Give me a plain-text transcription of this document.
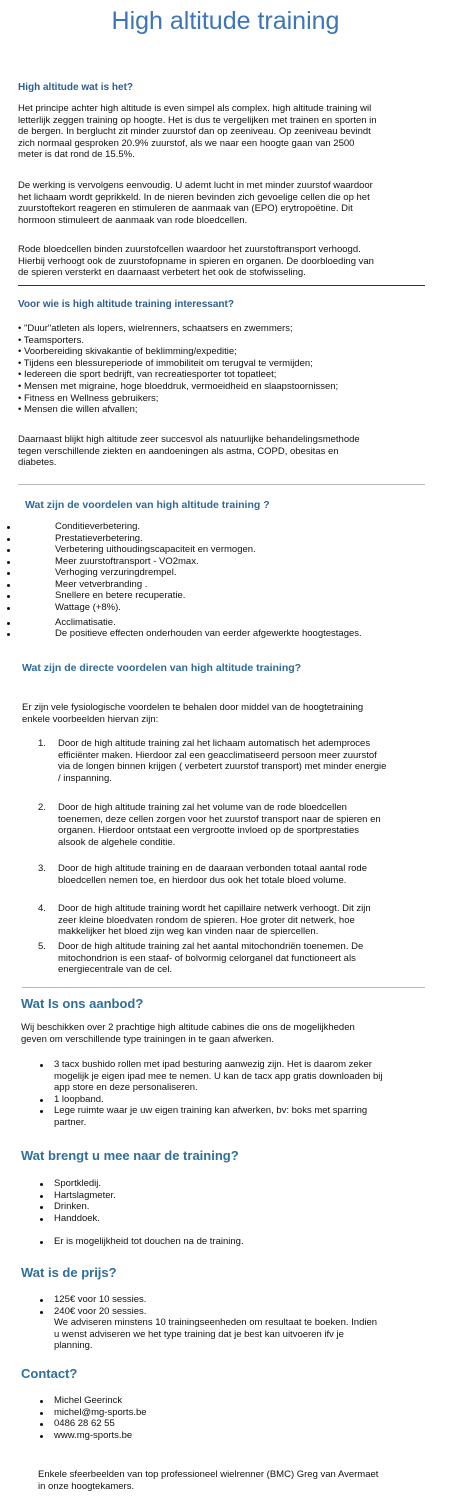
High altitude training
High altitude wat is het?
Het principe achter high altitude is even simpel als complex. high altitude training wil
letterlijk zeggen training op hoogte. Het is dus te vergelijken met trainen en sporten in
de bergen. In berglucht zit minder zuurstof dan op zeeniveau. Op zeeniveau bevindt
zich normaal gesproken 20.9% zuurstof, als we naar een hoogte gaan van 2500
meter is dat rond de 15.5%.
De werking is vervolgens eenvoudig. U ademt lucht in met minder zuurstof waardoor
het lichaam wordt geprikkeld. In de nieren bevinden zich gevoelige cellen die op het
zuurstoftekort reageren en stimuleren de aanmaak van (EPO) erytropoëtine. Dit
hormoon stimuleert de aanmaak van rode bloedcellen.
Rode bloedcellen binden zuurstofcellen waardoor het zuurstoftransport verhoogd.
Hierbij verhoogt ook de zuurstofopname in spieren en organen. De doorbloeding van
de spieren versterkt en daarnaast verbetert het ook de stofwisseling.
Voor wie is high altitude training interessant?
• "Duur"atleten als lopers, wielrenners, schaatsers en zwemmers;
• Teamsporters.
• Voorbereiding skivakantie of beklimming/expeditie;
• Tijdens een blessureperiode of immobiliteit om terugval te vermijden;
• Iedereen die sport bedrijft, van recreatiesporter tot topatleet;
• Mensen met migraine, hoge bloeddruk, vermoeidheid en slaapstoornissen;
• Fitness en Wellness gebruikers;
• Mensen die willen afvallen;
Daarnaast blijkt high altitude zeer succesvol als natuurlijke behandelingsmethode
tegen verschillende ziekten en aandoeningen als astma, COPD, obesitas en
diabetes.
Wat zijn de voordelen van high altitude training ?
Conditieverbetering.
Prestatieverbetering.
Verbetering uithoudingscapaciteit en vermogen.
Meer zuurstoftransport - VO2max.
Verhoging verzuringdrempel.
Meer vetverbranding .
Snellere en betere recuperatie.
Wattage (+8%).
Acclimatisatie.
De positieve effecten onderhouden van eerder afgewerkte hoogtestages.
Wat zijn de directe voordelen van high altitude training?
Er zijn vele fysiologische voordelen te behalen door middel van de hoogtetraining
enkele voorbeelden hiervan zijn:
1. Door de high altitude training zal het lichaam automatisch het ademproces
efficiënter maken. Hierdoor zal een geacclimatiseerd persoon meer zuurstof
via de longen binnen krijgen ( verbetert zuurstof transport) met minder energie
/ inspanning.
2. Door de high altitude training zal het volume van de rode bloedcellen
toenemen, deze cellen zorgen voor het zuurstof transport naar de spieren en
organen. Hierdoor ontstaat een vergrootte invloed op de sportprestaties
alsook de algehele conditie.
3. Door de high altitude training en de daaraan verbonden totaal aantal rode
bloedcellen nemen toe, en hierdoor dus ook het totale bloed volume.
4. Door de high altitude training wordt het capillaire netwerk verhoogt. Dit zijn
zeer kleine bloedvaten rondom de spieren. Hoe groter dit netwerk, hoe
makkelijker het bloed zijn weg kan vinden naar de spiercellen.
5. Door de high altitude training zal het aantal mitochondriën toenemen. De
mitochondrion is een staaf- of bolvormig celorganel dat functioneert als
energiecentrale van de cel.
Wat Is ons aanbod?
Wij beschikken over 2 prachtige high altitude cabines die ons de mogelijkheden
geven om verschillende type trainingen in te gaan afwerken.
3 tacx bushido rollen met ipad besturing aanwezig zijn. Het is daarom zeker
mogelijk je eigen ipad mee te nemen. U kan de tacx app gratis downloaden bij
app store en deze personaliseren.
1 loopband.
Lege ruimte waar je uw eigen training kan afwerken, bv: boks met sparring
partner.
Wat brengt u mee naar de training?
Sportkledij.
Hartslagmeter.
Drinken.
Handdoek.
Er is mogelijkheid tot douchen na de training.
Wat is de prijs?
125€ voor 10 sessies.
240€ voor 20 sessies.
We adviseren minstens 10 trainingseenheden om resultaat te boeken. Indien
u wenst adviseren we het type training dat je best kan uitvoeren ifv je
planning.
Contact?
Michel Geerinck
michel@mg-sports.be
0486 28 62 55
www.mg-sports.be
Enkele sfeerbeelden van top professioneel wielrenner (BMC) Greg van Avermaet
in onze hoogtekamers.
